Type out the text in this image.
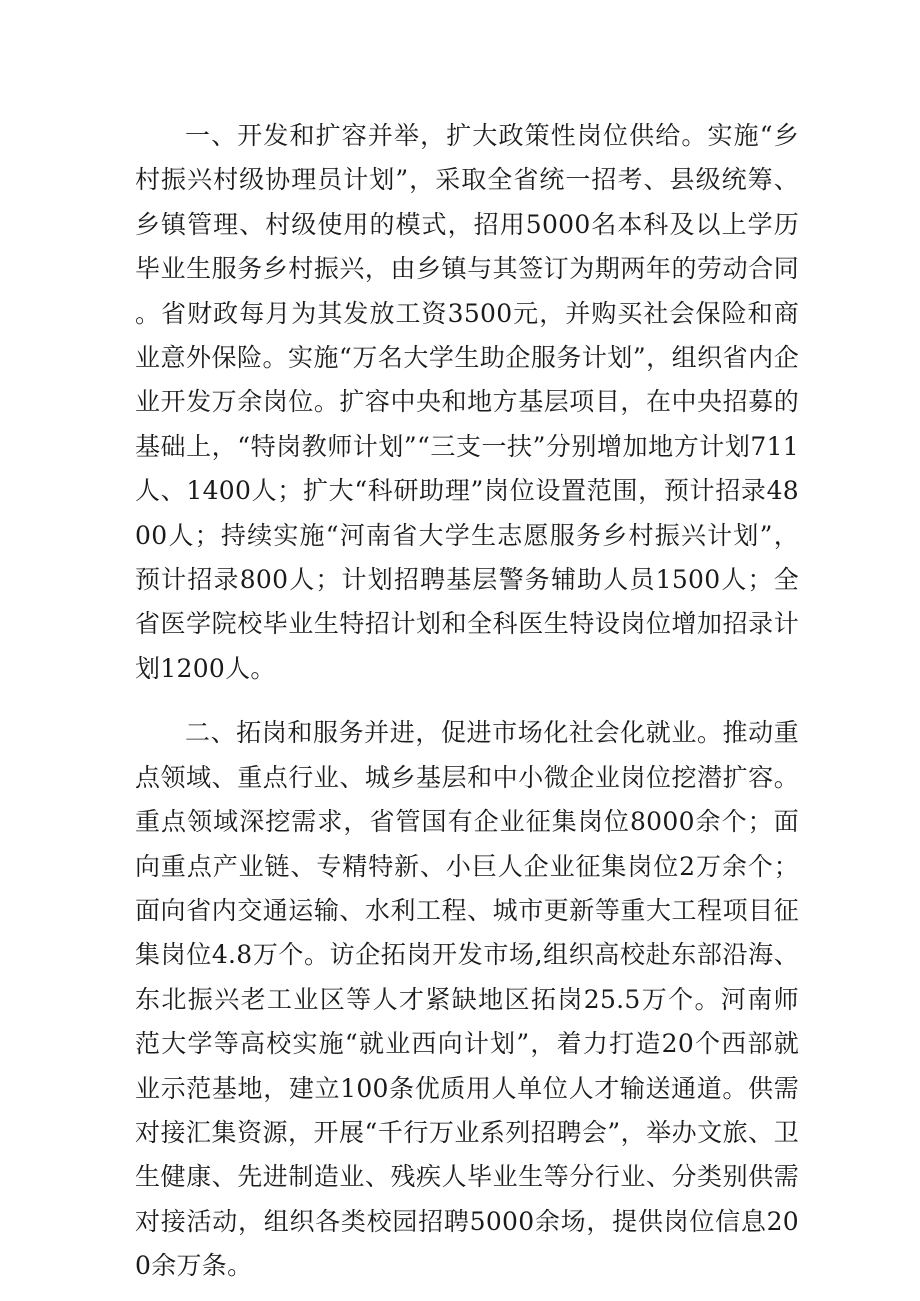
一、开发和扩容并举，扩大政策性岗位供给。实施“乡村振兴村级协理员计划”，采取全省统一招考、县级统筹、乡镇管理、村级使用的模式，招用5000名本科及以上学历毕业生服务乡村振兴，由乡镇与其签订为期两年的劳动合同。省财政每月为其发放工资3500元，并购买社会保险和商业意外保险。实施“万名大学生助企服务计划”，组织省内企业开发万余岗位。扩容中央和地方基层项目，在中央招募的基础上，“特岗教师计划”“三支一扶”分别增加地方计划711人、1400人；扩大“科研助理”岗位设置范围，预计招录4800人；持续实施“河南省大学生志愿服务乡村振兴计划”，预计招录800人；计划招聘基层警务辅助人员1500人；全省医学院校毕业生特招计划和全科医生特设岗位增加招录计划1200人。

二、拓岗和服务并进，促进市场化社会化就业。推动重点领域、重点行业、城乡基层和中小微企业岗位挖潜扩容。重点领域深挖需求，省管国有企业征集岗位8000余个；面向重点产业链、专精特新、小巨人企业征集岗位2万余个；面向省内交通运输、水利工程、城市更新等重大工程项目征集岗位4.8万个。访企拓岗开发市场,组织高校赴东部沿海、东北振兴老工业区等人才紧缺地区拓岗25.5万个。河南师范大学等高校实施“就业西向计划”，着力打造20个西部就业示范基地，建立100条优质用人单位人才输送通道。供需对接汇集资源，开展“千行万业系列招聘会”，举办文旅、卫生健康、先进制造业、残疾人毕业生等分行业、分类别供需对接活动，组织各类校园招聘5000余场，提供岗位信息200余万条。
